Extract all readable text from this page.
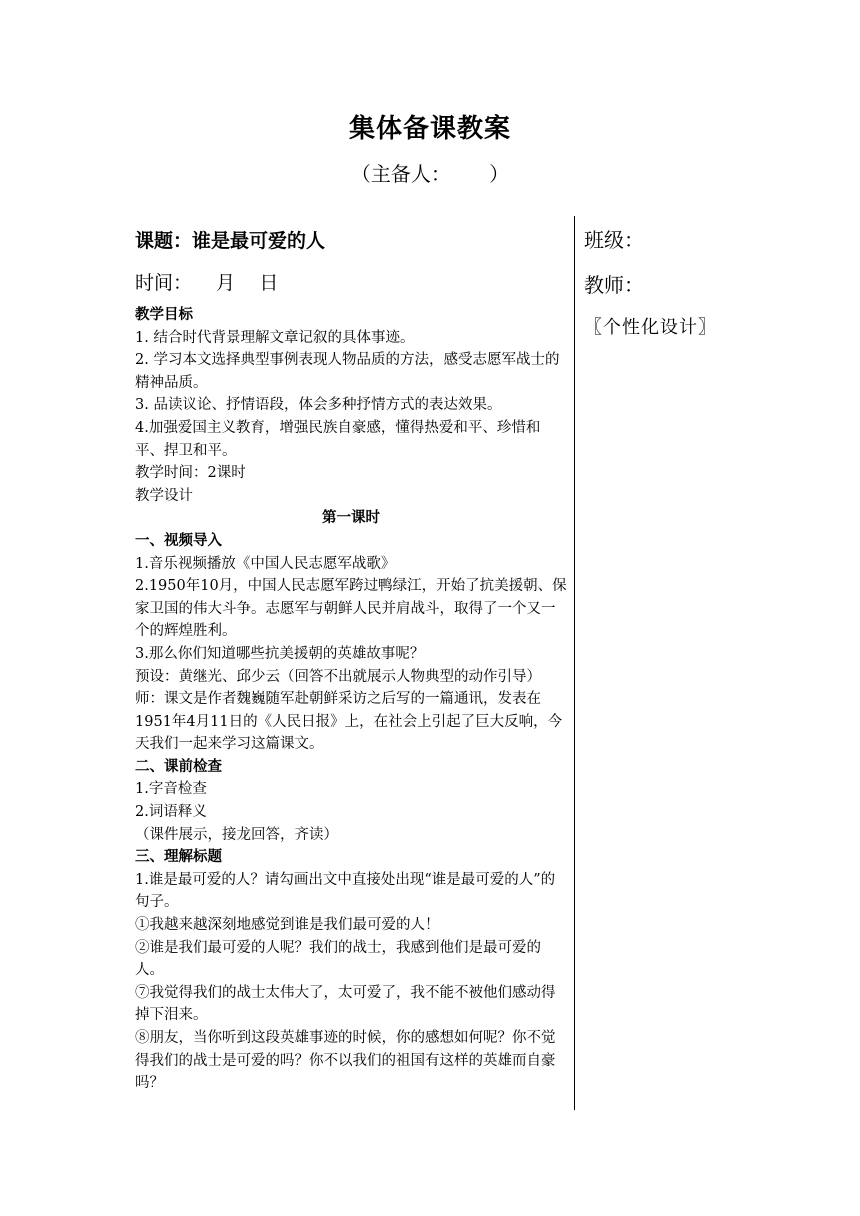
集体备课教案
（主备人：      ）
课题：谁是最可爱的人
时间：    月    日

教学目标

1. 结合时代背景理解文章记叙的具体事迹。

2. 学习本文选择典型事例表现人物品质的方法，感受志愿军战士的精神品质。

3. 品读议论、抒情语段，体会多种抒情方式的表达效果。

4.加强爱国主义教育，增强民族自豪感，懂得热爱和平、珍惜和平、捍卫和平。

教学时间：2课时

教学设计

第一课时

一、视频导入

1.音乐视频播放《中国人民志愿军战歌》

2.1950年10月，中国人民志愿军跨过鸭绿江，开始了抗美援朝、保家卫国的伟大斗争。志愿军与朝鲜人民并肩战斗，取得了一个又一个的辉煌胜利。

3.那么你们知道哪些抗美援朝的英雄故事呢？

预设：黄继光、邱少云（回答不出就展示人物典型的动作引导）

师：课文是作者魏巍随军赴朝鲜采访之后写的一篇通讯，发表在1951年4月11日的《人民日报》上，在社会上引起了巨大反响，今天我们一起来学习这篇课文。

二、课前检查

1.字音检查

2.词语释义

（课件展示，接龙回答，齐读）

三、理解标题

1.谁是最可爱的人？请勾画出文中直接处出现“谁是最可爱的人”的句子。

①我越来越深刻地感觉到谁是我们最可爱的人！

②谁是我们最可爱的人呢？我们的战士，我感到他们是最可爱的人。

⑦我觉得我们的战士太伟大了，太可爱了，我不能不被他们感动得掉下泪来。

⑧朋友，当你听到这段英雄事迹的时候，你的感想如何呢？你不觉得我们的战士是可爱的吗？你不以我们的祖国有这样的英雄而自豪吗？

班级：

教师：

〖个性化设计〗
